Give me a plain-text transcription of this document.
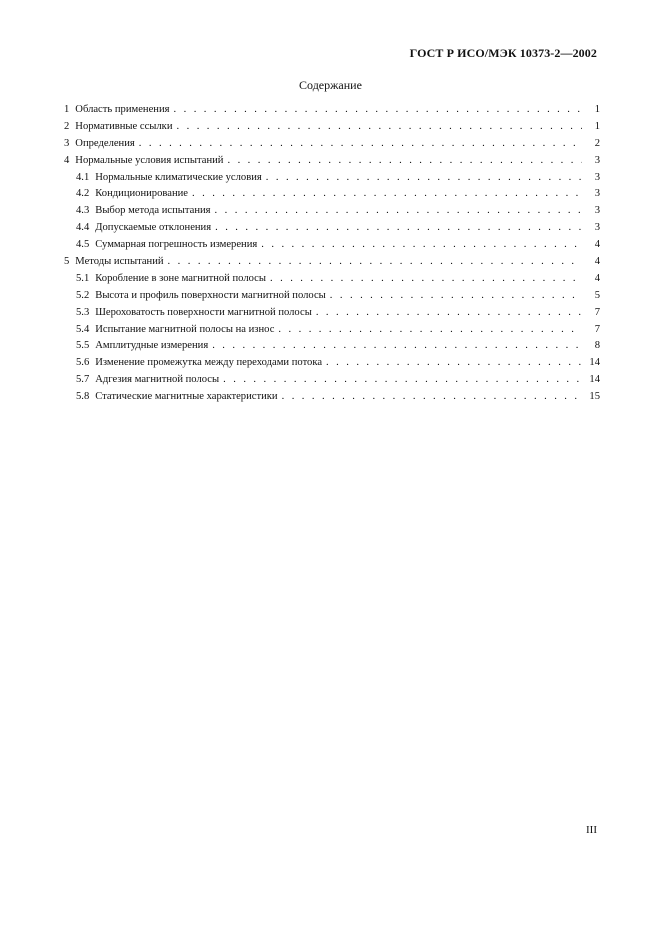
ГОСТ Р ИСО/МЭК 10373-2—2002
Содержание
1 Область применения . . .	1
2 Нормативные ссылки . . .	1
3 Определения . . .	2
4 Нормальные условия испытаний . . .	3
4.1 Нормальные климатические условия . . .	3
4.2 Кондиционирование . . .	3
4.3 Выбор метода испытания . . .	3
4.4 Допускаемые отклонения . . .	3
4.5 Суммарная погрешность измерения . . .	4
5 Методы испытаний . . .	4
5.1 Коробление в зоне магнитной полосы . . .	4
5.2 Высота и профиль поверхности магнитной полосы . . .	5
5.3 Шероховатость поверхности магнитной полосы . . .	7
5.4 Испытание магнитной полосы на износ . . .	7
5.5 Амплитудные измерения . . .	8
5.6 Изменение промежутка между переходами потока . . .	14
5.7 Адгезия магнитной полосы . . .	14
5.8 Статические магнитные характеристики . . .	15
III
